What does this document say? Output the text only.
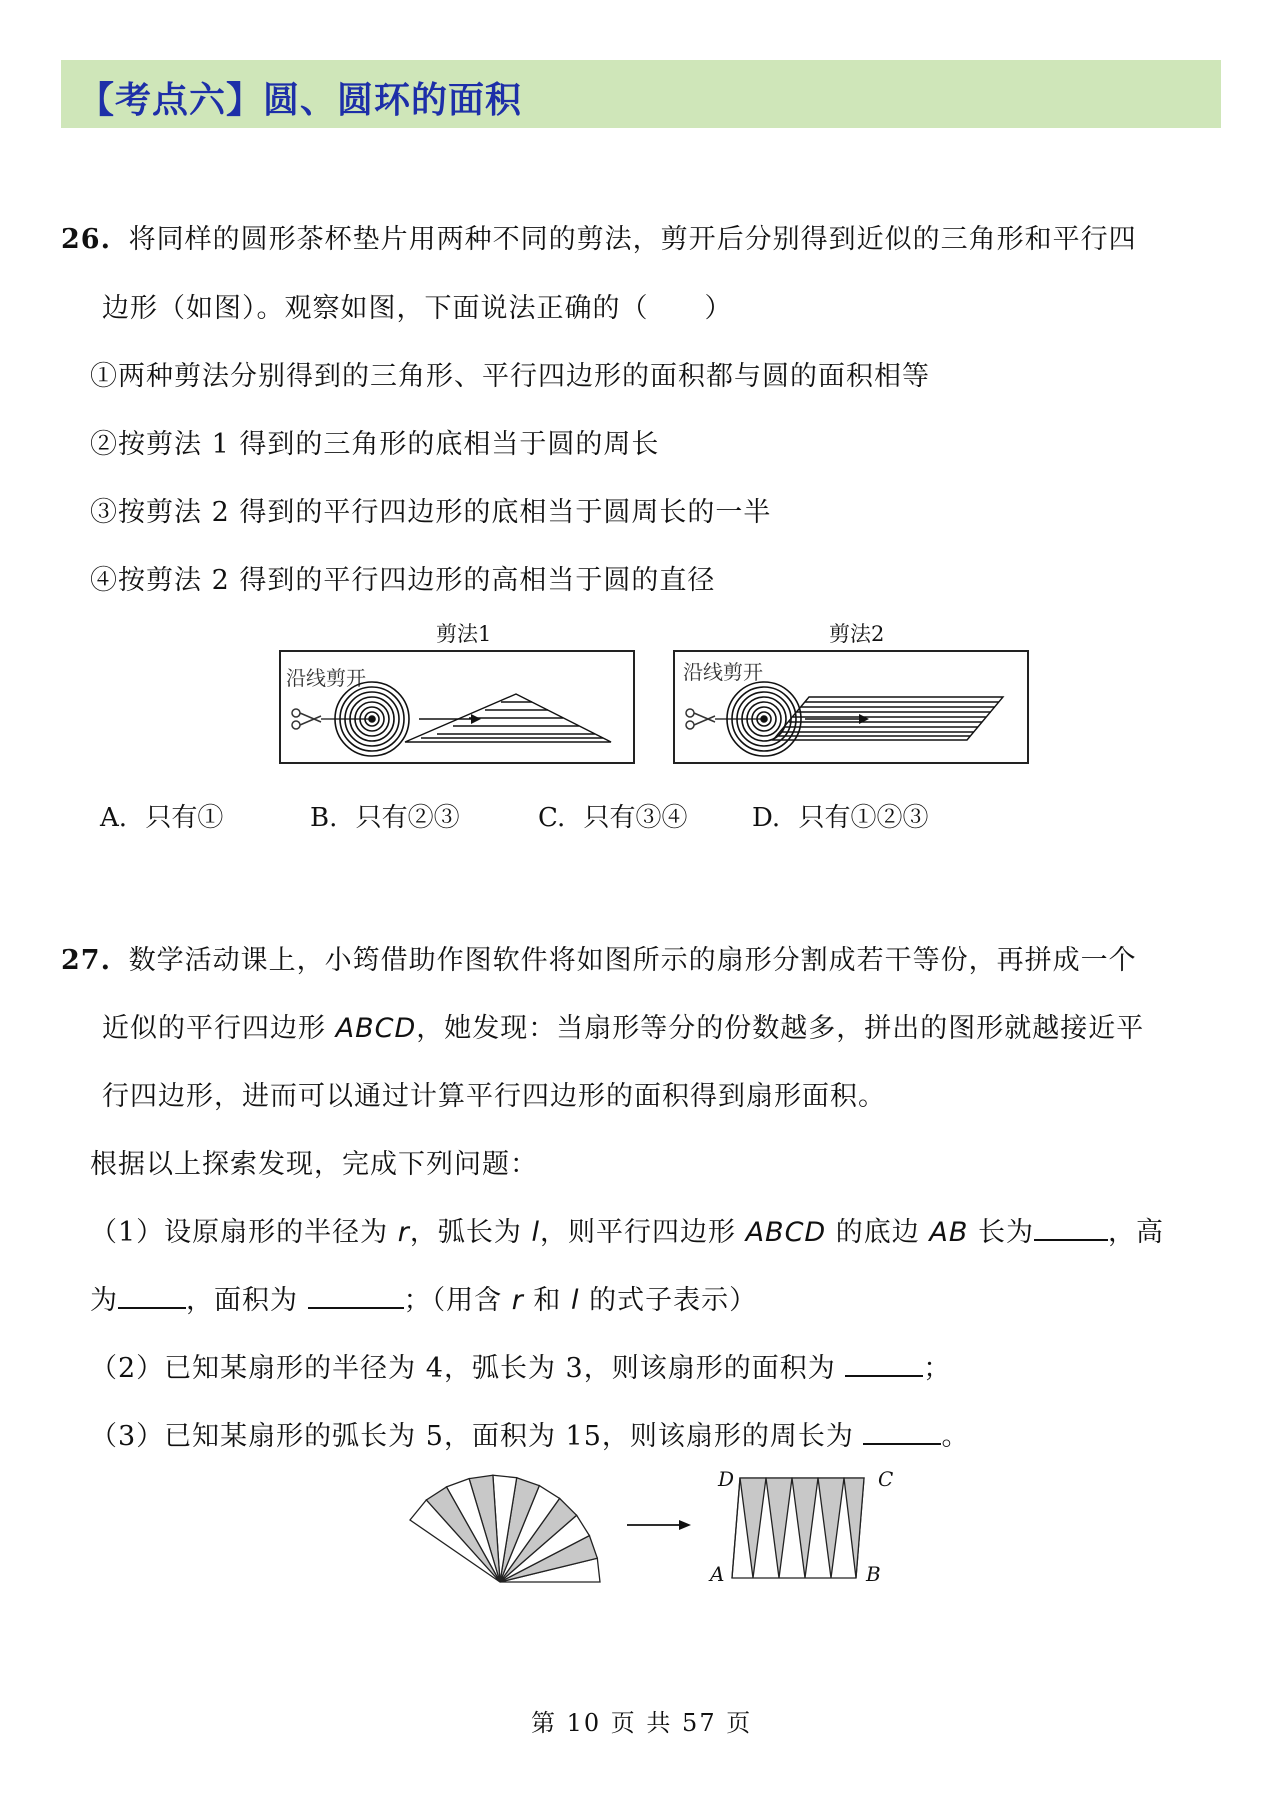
【考点六】圆、圆环的面积
26. 将同样的圆形茶杯垫片用两种不同的剪法，剪开后分别得到近似的三角形和平行四
边形（如图）。观察如图，下面说法正确的（　　）
①两种剪法分别得到的三角形、平行四边形的面积都与圆的面积相等
②按剪法 1 得到的三角形的底相当于圆的周长
③按剪法 2 得到的平行四边形的底相当于圆周长的一半
④按剪法 2 得到的平行四边形的高相当于圆的直径
剪法1
沿线剪开
剪法2
沿线剪开
A. 只有①	B. 只有②③	C. 只有③④ D. 只有①②③
27. 数学活动课上，小筠借助作图软件将如图所示的扇形分割成若干等份，再拼成一个
近似的平行四边形 ABCD，她发现：当扇形等分的份数越多，拼出的图形就越接近平
行四边形，进而可以通过计算平行四边形的面积得到扇形面积。
根据以上探索发现，完成下列问题：
（1）设原扇形的半径为 r，弧长为 l，则平行四边形 ABCD 的底边 AB 长为	，高
为	，面积为	；（用含 r 和 l 的式子表示）
（2）已知某扇形的半径为 4，弧长为 3，则该扇形的面积为	；
（3）已知某扇形的弧长为 5，面积为 15，则该扇形的周长为	。
D	C
A	B
第 10 页 共 57 页
